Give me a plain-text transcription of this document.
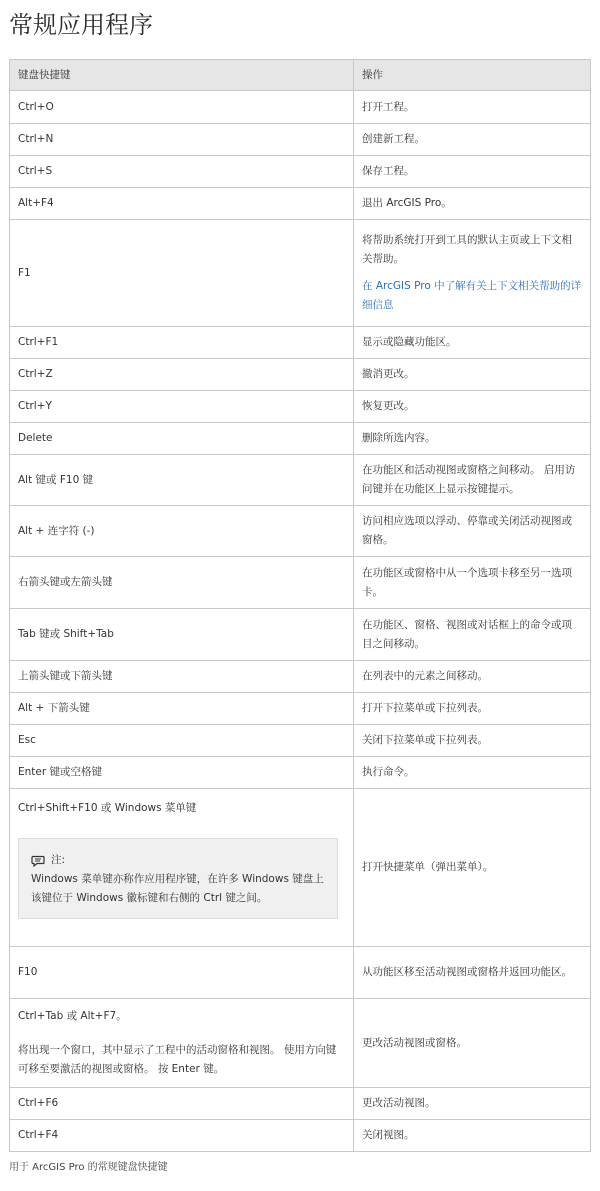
常规应用程序
键盘快捷键	操作
Ctrl+O	打开工程。
Ctrl+N	创建新工程。
Ctrl+S	保存工程。
Alt+F4	退出 ArcGIS Pro。
F1	将帮助系统打开到工具的默认主页或上下文相关帮助。

在 ArcGIS Pro 中了解有关上下文相关帮助的详细信息

Ctrl+F1	显示或隐藏功能区。
Ctrl+Z	撤消更改。
Ctrl+Y	恢复更改。
Delete	删除所选内容。
Alt 键或 F10 键	在功能区和活动视图或窗格之间移动。 启用访问键并在功能区上显示按键提示。
Alt + 连字符 (-)	访问相应选项以浮动、停靠或关闭活动视图或窗格。
右箭头键或左箭头键	在功能区或窗格中从一个选项卡移至另一选项卡。
Tab 键或 Shift+Tab	在功能区、窗格、视图或对话框上的命令或项目之间移动。
上箭头键或下箭头键	在列表中的元素之间移动。
Alt + 下箭头键	打开下拉菜单或下拉列表。
Esc	关闭下拉菜单或下拉列表。
Enter 键或空格键	执行命令。

Ctrl+Shift+F10 或 Windows 菜单键
注:
Windows 菜单键亦称作应用程序键，在许多 Windows 键盘上该键位于 Windows 徽标键和右侧的 Ctrl 键之间。	打开快捷菜单（弹出菜单）。
F10	从功能区移至活动视图或窗格并返回功能区。

Ctrl+Tab 或 Alt+F7。

将出现一个窗口，其中显示了工程中的活动窗格和视图。 使用方向键可移至要激活的视图或窗格。 按 Enter 键。	更改活动视图或窗格。
Ctrl+F6	更改活动视图。
Ctrl+F4	关闭视图。
用于 ArcGIS Pro 的常规键盘快捷键
